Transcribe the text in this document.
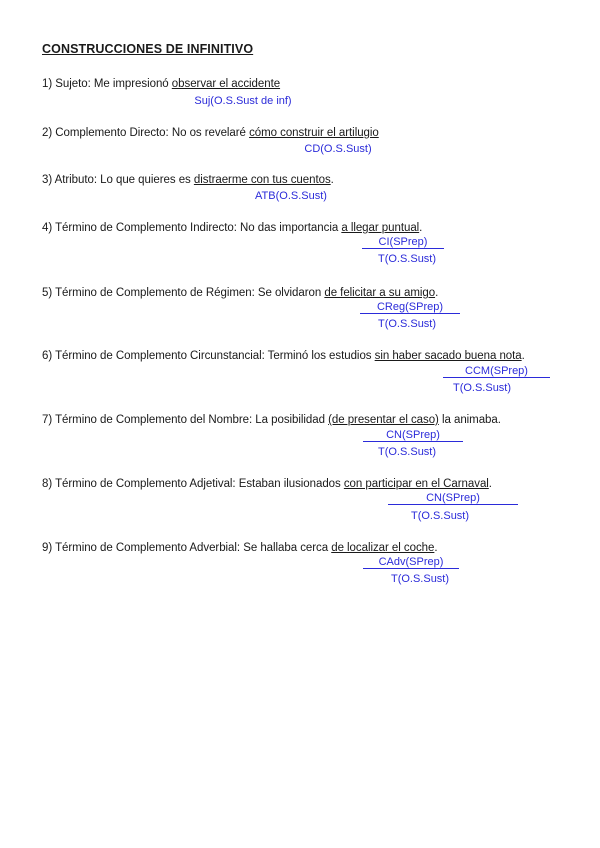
CONSTRUCCIONES DE INFINITIVO
1) Sujeto: Me impresionó observar el accidente
Suj(O.S.Sust de inf)
2) Complemento Directo: No os revelaré cómo construir el artilugio
CD(O.S.Sust)
3) Atributo: Lo que quieres es distraerme con tus cuentos.
ATB(O.S.Sust)
4) Término de Complemento Indirecto: No das importancia a llegar puntual.
CI(SPrep)
T(O.S.Sust)
5) Término de Complemento de Régimen: Se olvidaron de felicitar a su amigo.
CReg(SPrep)
T(O.S.Sust)
6) Término de Complemento Circunstancial: Terminó los estudios sin haber sacado buena nota.
CCM(SPrep)
T(O.S.Sust)
7) Término de Complemento del Nombre: La posibilidad (de presentar el caso) la animaba.
CN(SPrep)
T(O.S.Sust)
8) Término de Complemento Adjetival: Estaban ilusionados con participar en el Carnaval.
CN(SPrep)
T(O.S.Sust)
9) Término de Complemento Adverbial: Se hallaba cerca de localizar el coche.
CAdv(SPrep)
T(O.S.Sust)
